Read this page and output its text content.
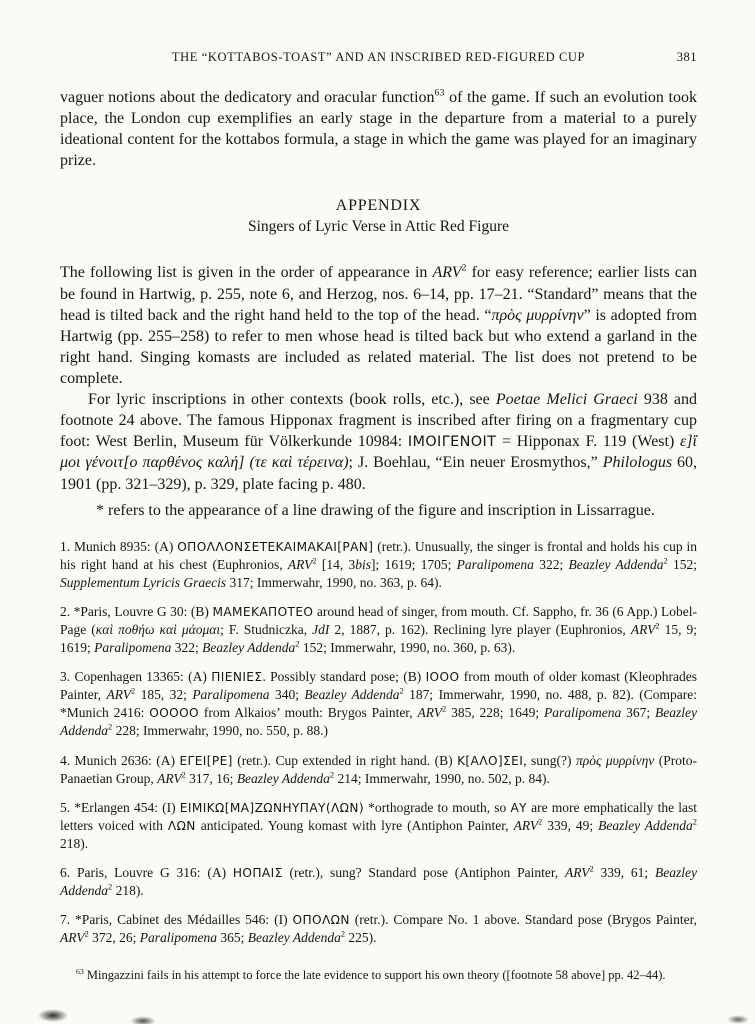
THE “KOTTABOS-TOAST” AND AN INSCRIBED RED-FIGURED CUP	381

vaguer notions about the dedicatory and oracular function$^{63}$ of the game. If such an evolution took place, the London cup exemplifies an early stage in the departure from a material to a purely ideational content for the kottabos formula, a stage in which the game was played for an imaginary prize.

APPENDIX
Singers of Lyric Verse in Attic Red Figure

The following list is given in the order of appearance in ARV$^2$ for easy reference; earlier lists can be found in Hartwig, p. 255, note 6, and Herzog, nos. 6–14, pp. 17–21. “Standard” means that the head is tilted back and the right hand held to the top of the head. “πρὸς μυρρίνην” is adopted from Hartwig (pp. 255–258) to refer to men whose head is tilted back but who extend a garland in the right hand. Singing komasts are included as related material. The list does not pretend to be complete.

For lyric inscriptions in other contexts (book rolls, etc.), see Poetae Melici Graeci 938 and footnote 24 above. The famous Hipponax fragment is inscribed after firing on a fragmentary cup foot: West Berlin, Museum für Völkerkunde 10984: ΙΜΟΙΓΕΝΟΙΤ = Hipponax F. 119 (West) ε]ἴ μοι γένοιτ[ο παρθένος καλή] (τε καὶ τέρεινα); J. Boehlau, “Ein neuer Erosmythos,” Philologus 60, 1901 (pp. 321–329), p. 329, plate facing p. 480.

* refers to the appearance of a line drawing of the figure and inscription in Lissarrague.

1. Munich 8935: (A) ΟΠΟΛΛΟΝΣΕΤΕΚΑΙΜΑΚΑΙ[ΡΑΝ] (retr.). Unusually, the singer is frontal and holds his cup in his right hand at his chest (Euphronios, ARV$^2$ [14, 3bis]; 1619; 1705; Paralipomena 322; Beazley Addenda$^2$ 152; Supplementum Lyricis Graecis 317; Immerwahr, 1990, no. 363, p. 64).

2. *Paris, Louvre G 30: (B) ΜΑΜΕΚΑΠΟΤΕΟ around head of singer, from mouth. Cf. Sappho, fr. 36 (6 App.) Lobel-Page (καὶ ποθήω καὶ μάομαι; F. Studniczka, JdI 2, 1887, p. 162). Reclining lyre player (Euphronios, ARV$^2$ 15, 9; 1619; Paralipomena 322; Beazley Addenda$^2$ 152; Immerwahr, 1990, no. 360, p. 63).

3. Copenhagen 13365: (A) ΠΙΕΝΙΕΣ. Possibly standard pose; (B) ΙΟΟΟ from mouth of older komast (Kleophrades Painter, ARV$^2$ 185, 32; Paralipomena 340; Beazley Addenda$^2$ 187; Immerwahr, 1990, no. 488, p. 82). (Compare: *Munich 2416: ΟΟΟΟΟ from Alkaios’ mouth: Brygos Painter, ARV$^2$ 385, 228; 1649; Paralipomena 367; Beazley Addenda$^2$ 228; Immerwahr, 1990, no. 550, p. 88.)

4. Munich 2636: (A) ΕΓΕΙ[ΡΕ] (retr.). Cup extended in right hand. (B) Κ[ΑΛΟ]ΣΕΙ, sung(?) πρὸς μυρρίνην (Proto-Panaetian Group, ARV$^2$ 317, 16; Beazley Addenda$^2$ 214; Immerwahr, 1990, no. 502, p. 84).

5. *Erlangen 454: (I) ΕΙΜΙΚΩ[ΜΑ]ΖΩΝΗΥΠΑΥ(ΛΩΝ) *orthograde to mouth, so ΑΥ are more emphatically the last letters voiced with ΛΩΝ anticipated. Young komast with lyre (Antiphon Painter, ARV$^2$ 339, 49; Beazley Addenda$^2$ 218).

6. Paris, Louvre G 316: (A) ΗΟΠΑΙΣ (retr.), sung? Standard pose (Antiphon Painter, ARV$^2$ 339, 61; Beazley Addenda$^2$ 218).

7. *Paris, Cabinet des Médailles 546: (I) ΟΠΟΛΩΝ (retr.). Compare No. 1 above. Standard pose (Brygos Painter, ARV$^2$ 372, 26; Paralipomena 365; Beazley Addenda$^2$ 225).

$^{63}$ Mingazzini fails in his attempt to force the late evidence to support his own theory ([footnote 58 above] pp. 42–44).
